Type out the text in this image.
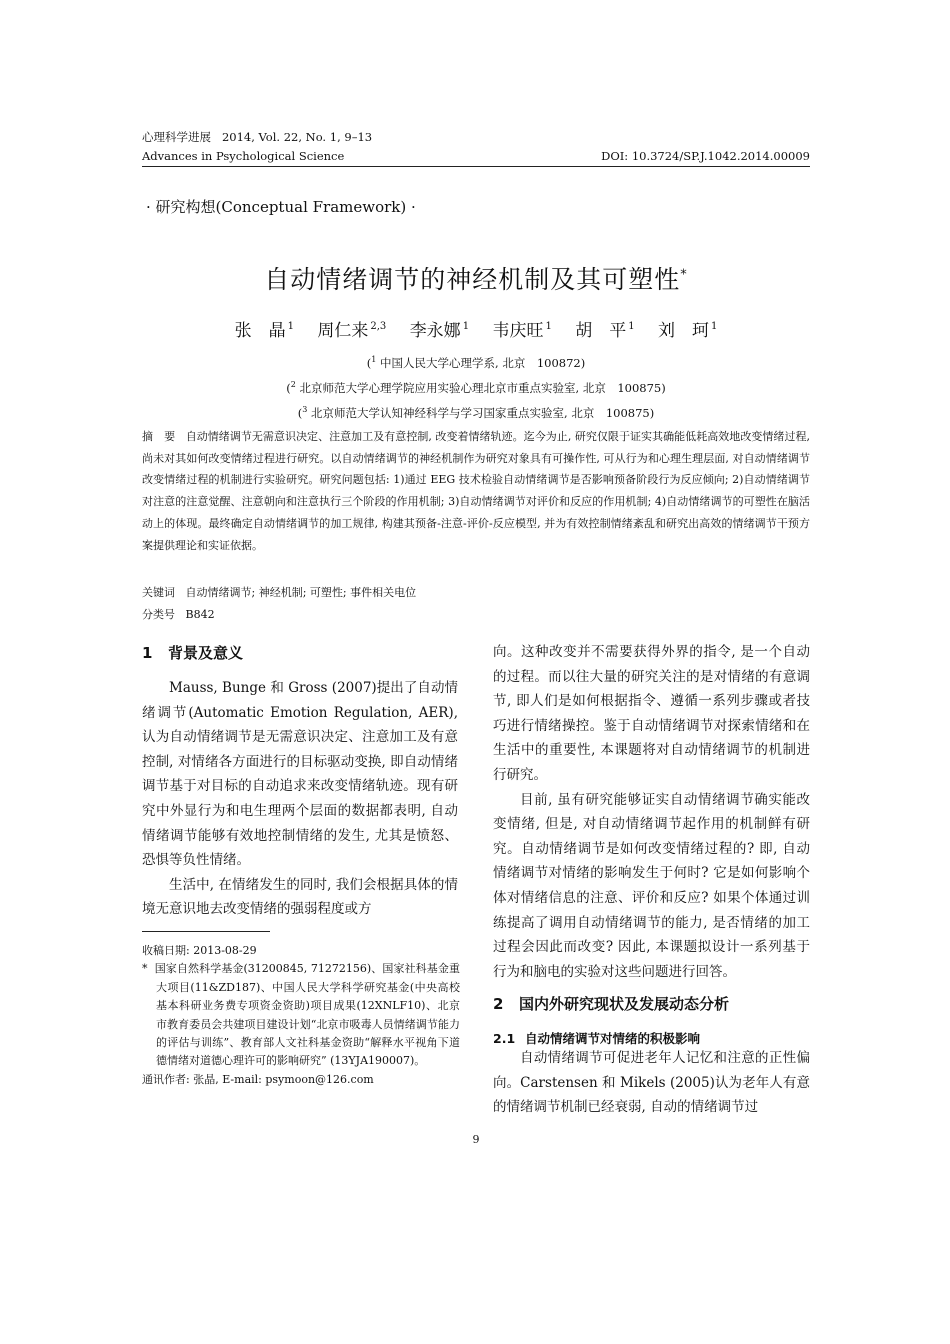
心理科学进展 2014, Vol. 22, No. 1, 9–13
Advances in Psychological Science	DOI: 10.3724/SP.J.1042.2014.00009
· 研究构想(Conceptual Framework) ·
自动情绪调节的神经机制及其可塑性*
张　晶 $^1$ 周仁来 $^{2,3}$ 李永娜 $^1$ 韦庆旺 $^1$ 胡　平 $^1$ 刘　珂 $^1$
($^1$ 中国人民大学心理学系, 北京　100872)
($^2$ 北京师范大学心理学院应用实验心理北京市重点实验室, 北京　100875)
($^3$ 北京师范大学认知神经科学与学习国家重点实验室, 北京　100875)
摘　要 自动情绪调节无需意识决定、注意加工及有意控制, 改变着情绪轨迹。迄今为止, 研究仅限于证实其确能低耗高效地改变情绪过程, 尚未对其如何改变情绪过程进行研究。以自动情绪调节的神经机制作为研究对象具有可操作性, 可从行为和心理生理层面, 对自动情绪调节改变情绪过程的机制进行实验研究。研究问题包括: 1)通过 EEG 技术检验自动情绪调节是否影响预备阶段行为反应倾向; 2)自动情绪调节对注意的注意觉醒、注意朝向和注意执行三个阶段的作用机制; 3)自动情绪调节对评价和反应的作用机制; 4)自动情绪调节的可塑性在脑活动上的体现。最终确定自动情绪调节的加工规律, 构建其预备-注意-评价-反应模型, 并为有效控制情绪紊乱和研究出高效的情绪调节干预方案提供理论和实证依据。
关键词 自动情绪调节; 神经机制; 可塑性; 事件相关电位
分类号 B842
1 背景及意义

Mauss, Bunge 和 Gross (2007)提出了自动情绪调节(Automatic Emotion Regulation, AER), 认为自动情绪调节是无需意识决定、注意加工及有意控制, 对情绪各方面进行的目标驱动变换, 即自动情绪调节基于对目标的自动追求来改变情绪轨迹。现有研究中外显行为和电生理两个层面的数据都表明, 自动情绪调节能够有效地控制情绪的发生, 尤其是愤怒、恐惧等负性情绪。

生活中, 在情绪发生的同时, 我们会根据具体的情境无意识地去改变情绪的强弱程度或方

收稿日期: 2013-08-29
* 国家自然科学基金(31200845, 71272156)、国家社科基金重大项目(11&ZD187)、中国人民大学科学研究基金(中央高校基本科研业务费专项资金资助)项目成果(12XNLF10)、北京市教育委员会共建项目建设计划“北京市吸毒人员情绪调节能力的评估与训练”、教育部人文社科基金资助“解释水平视角下道德情绪对道德心理许可的影响研究” (13YJA190007)。
通讯作者: 张晶, E-mail: psymoon@126.com

向。这种改变并不需要获得外界的指令, 是一个自动的过程。而以往大量的研究关注的是对情绪的有意调节, 即人们是如何根据指令、遵循一系列步骤或者技巧进行情绪操控。鉴于自动情绪调节对探索情绪和在生活中的重要性, 本课题将对自动情绪调节的机制进行研究。

目前, 虽有研究能够证实自动情绪调节确实能改变情绪, 但是, 对自动情绪调节起作用的机制鲜有研究。自动情绪调节是如何改变情绪过程的? 即, 自动情绪调节对情绪的影响发生于何时? 它是如何影响个体对情绪信息的注意、评价和反应? 如果个体通过训练提高了调用自动情绪调节的能力, 是否情绪的加工过程会因此而改变? 因此, 本课题拟设计一系列基于行为和脑电的实验对这些问题进行回答。

2 国内外研究现状及发展动态分析
2.1 自动情绪调节对情绪的积极影响

自动情绪调节可促进老年人记忆和注意的正性偏向。Carstensen 和 Mikels (2005)认为老年人有意的情绪调节机制已经衰弱, 自动的情绪调节过

9
